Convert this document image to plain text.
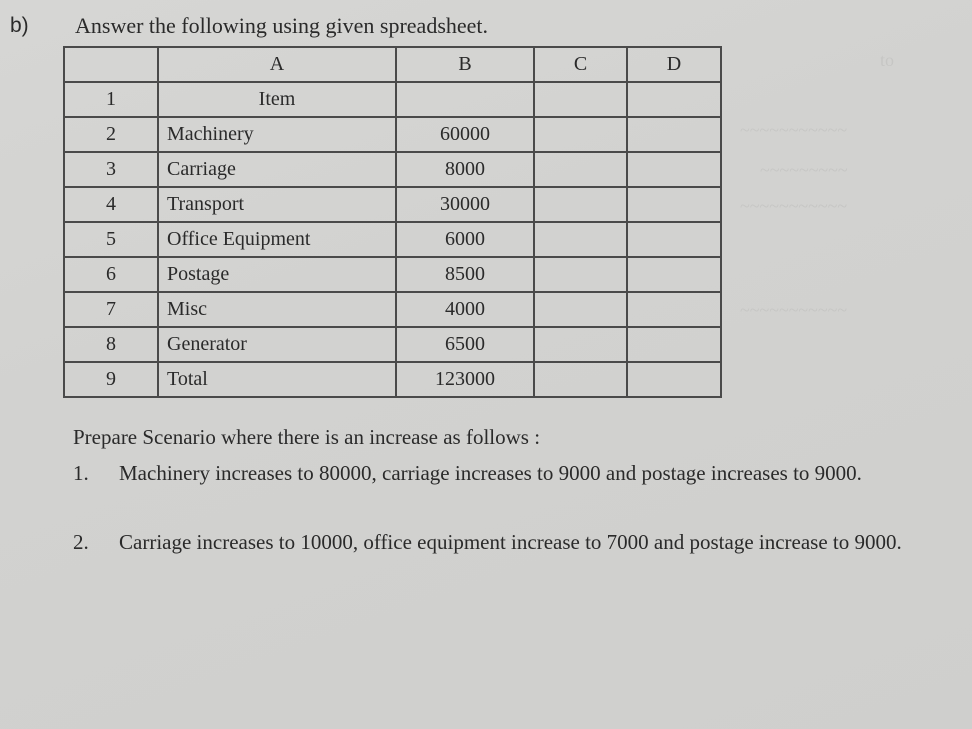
to
~~~~~~~~~~~
~~~~~~~~~
~~~~~~~~~~~
~~~~~~~~~~~
b) Answer the following using given spreadsheet.
	A	B	C	D
1	Item			
2	Machinery	60000		
3	Carriage	8000		
4	Transport	30000		
5	Office Equipment	6000		
6	Postage	8500		
7	Misc	4000		
8	Generator	6500		
9	Total	123000		
Prepare Scenario where there is an increase as follows :
1. Machinery increases to 80000, carriage increases to 9000 and postage increases to 9000.
2. Carriage increases to 10000, office equipment increase to 7000 and postage increase to 9000.
